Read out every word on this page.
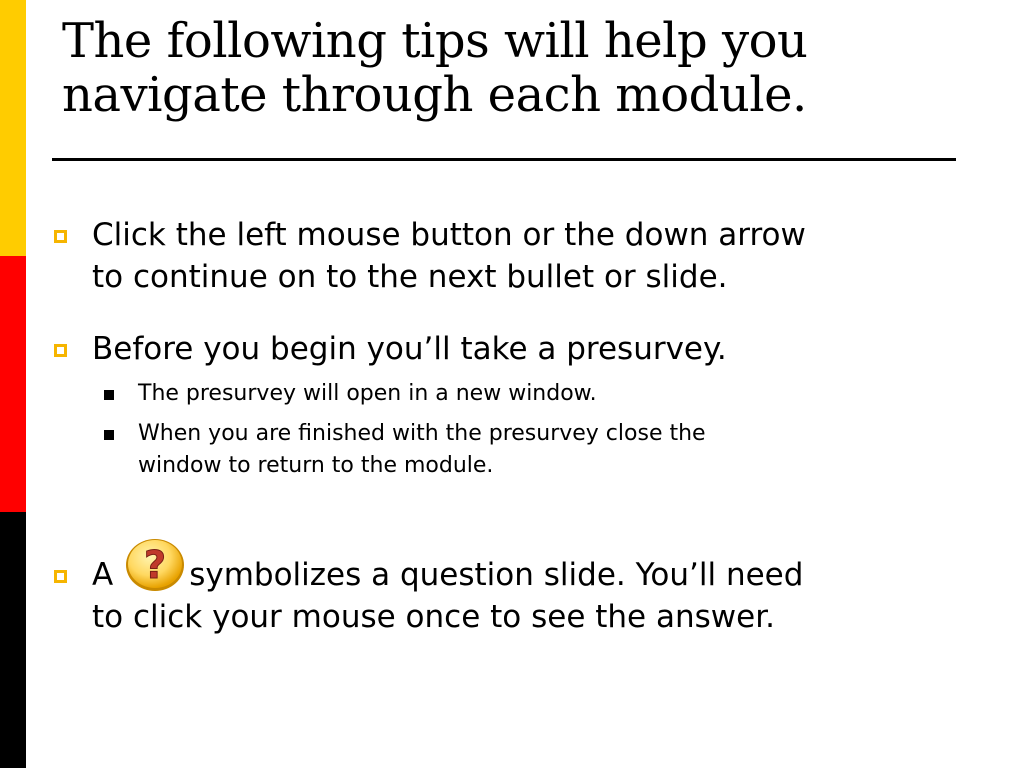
The following tips will help you
navigate through each module.
Click the left mouse button or the down arrow
to continue on to the next bullet or slide.
Before you begin you’ll take a presurvey.
The presurvey will open in a new window.
When you are finished with the presurvey close the
window to return to the module.
A symbolizes a question slide. You’ll need
to click your mouse once to see the answer.
?
